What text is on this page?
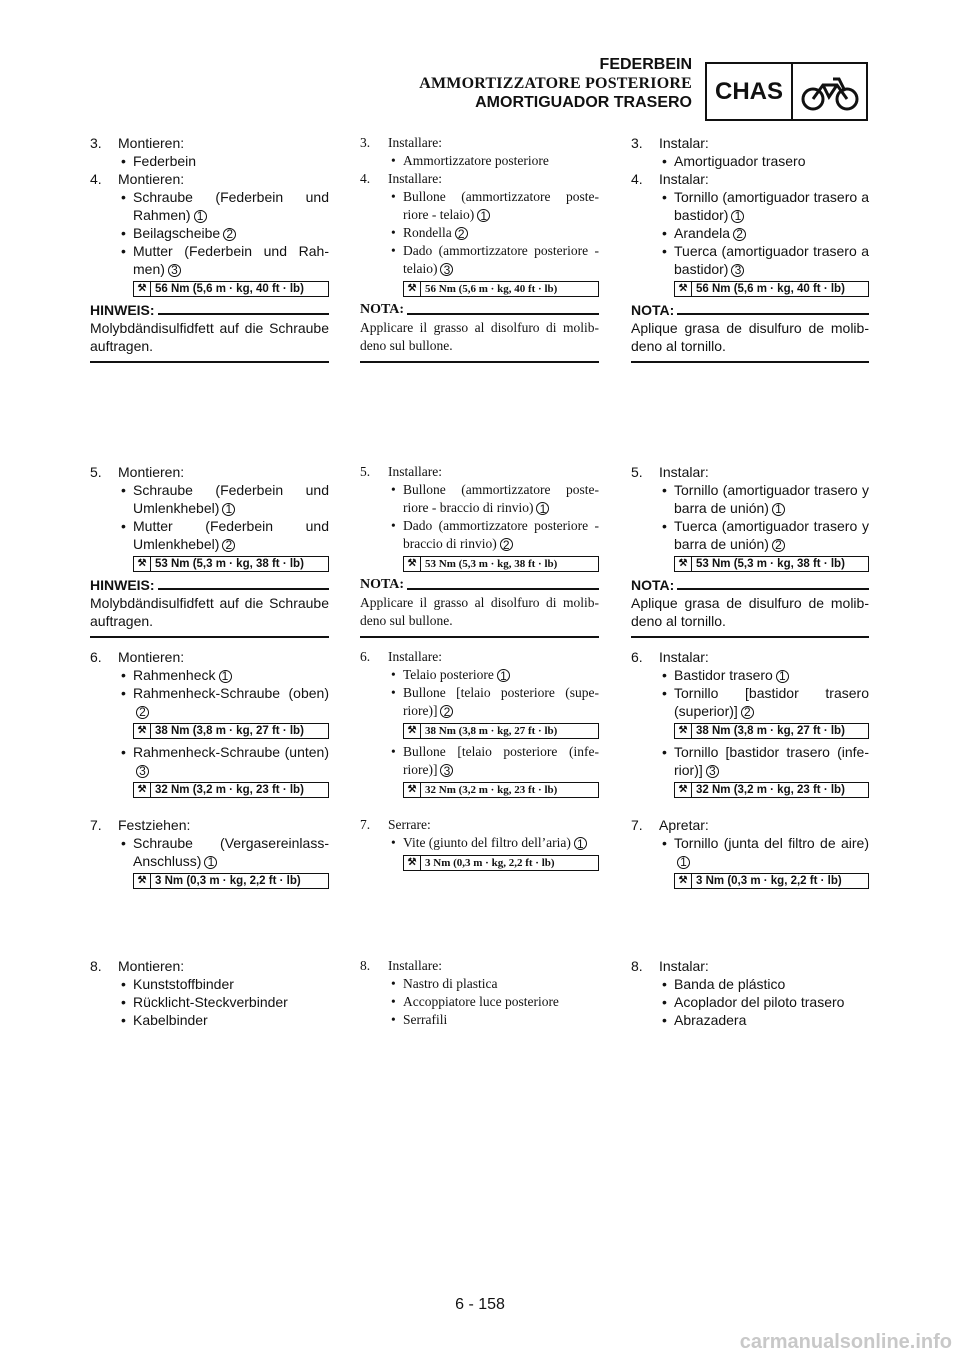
FEDERBEIN
AMMORTIZZATORE POSTERIORE
AMORTIGUADOR TRASERO CHAS
3. Montieren:
• Federbein
4. Montieren:
• Schraube (Federbein und Rahmen) 1
• Beilagscheibe 2
• Mutter (Federbein und Rah-men) 3
⚒ 56 Nm (5,6 m · kg, 40 ft · lb)
HINWEIS:
Molybdändisulfidfett auf die Schraube auftragen.
3. Installare:
• Ammortizzatore posteriore
4. Installare:
• Bullone (ammortizzatore poste-riore - telaio) 1
• Rondella 2
• Dado (ammortizzatore posteriore - telaio) 3
⚒ 56 Nm (5,6 m · kg, 40 ft · lb)
NOTA:
Applicare il grasso al disolfuro di molib-deno sul bullone.
3. Instalar:
• Amortiguador trasero
4. Instalar:
• Tornillo (amortiguador trasero a bastidor) 1
• Arandela 2
• Tuerca (amortiguador trasero a bastidor) 3
⚒ 56 Nm (5,6 m · kg, 40 ft · lb)
NOTA:
Aplique grasa de disulfuro de molib-deno al tornillo.
5. Montieren:
• Schraube (Federbein und Umlenkhebel) 1
• Mutter (Federbein und Umlenkhebel) 2
⚒ 53 Nm (5,3 m · kg, 38 ft · lb)
HINWEIS:
Molybdändisulfidfett auf die Schraube auftragen.
6. Montieren:
• Rahmenheck 1
• Rahmenheck-Schraube (oben)2
⚒ 38 Nm (3,8 m · kg, 27 ft · lb)
• Rahmenheck-Schraube (unten)3
⚒ 32 Nm (3,2 m · kg, 23 ft · lb)
7. Festziehen:
• Schraube (Vergasereinlass-Anschluss) 1
⚒ 3 Nm (0,3 m · kg, 2,2 ft · lb)
5. Installare:
• Bullone (ammortizzatore poste-riore - braccio di rinvio) 1
• Dado (ammortizzatore posteriore - braccio di rinvio) 2
⚒ 53 Nm (5,3 m · kg, 38 ft · lb)
NOTA:
Applicare il grasso al disolfuro di molib-deno sul bullone.
6. Installare:
• Telaio posteriore 1
• Bullone [telaio posteriore (supe-riore)] 2
⚒ 38 Nm (3,8 m · kg, 27 ft · lb)
• Bullone [telaio posteriore (infe-riore)] 3
⚒ 32 Nm (3,2 m · kg, 23 ft · lb)
7. Serrare:
• Vite (giunto del filtro dell’aria) 1
⚒ 3 Nm (0,3 m · kg, 2,2 ft · lb)
5. Instalar:
• Tornillo (amortiguador trasero y barra de unión) 1
• Tuerca (amortiguador trasero y barra de unión) 2
⚒ 53 Nm (5,3 m · kg, 38 ft · lb)
NOTA:
Aplique grasa de disulfuro de molib-deno al tornillo.
6. Instalar:
• Bastidor trasero 1
• Tornillo [bastidor trasero (superior)] 2
⚒ 38 Nm (3,8 m · kg, 27 ft · lb)
• Tornillo [bastidor trasero (infe-rior)] 3
⚒ 32 Nm (3,2 m · kg, 23 ft · lb)
7. Apretar:
• Tornillo (junta del filtro de aire)1
⚒ 3 Nm (0,3 m · kg, 2,2 ft · lb)
8. Montieren:
• Kunststoffbinder
• Rücklicht-Steckverbinder
• Kabelbinder
8. Installare:
• Nastro di plastica
• Accoppiatore luce posteriore
• Serrafili
8. Instalar:
• Banda de plástico
• Acoplador del piloto trasero
• Abrazadera
6 - 158
carmanualsonline.info
